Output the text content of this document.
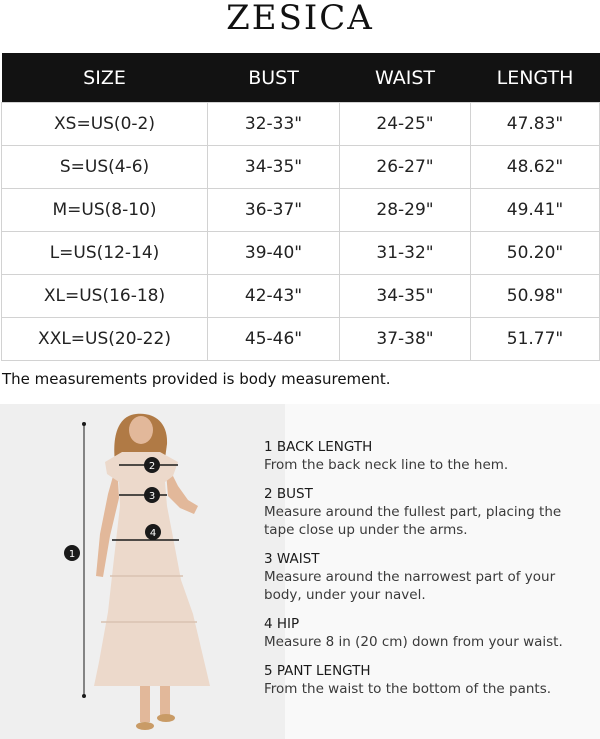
ZESICA
SIZE	BUST	WAIST	LENGTH
XS=US(0-2)	32-33"	24-25"	47.83"
S=US(4-6)	34-35"	26-27"	48.62"
M=US(8-10)	36-37"	28-29"	49.41"
L=US(12-14)	39-40"	31-32"	50.20"
XL=US(16-18)	42-43"	34-35"	50.98"
XXL=US(20-22)	45-46"	37-38"	51.77"

The measurements provided is body measurement.

1
2
3
4
1 BACK LENGTH
From the back neck line to the hem.
2 BUST
Measure around the fullest part, placing the tape close up under the arms.
3 WAIST
Measure around the narrowest part of your body, under your navel.
4 HIP
Measure 8 in (20 cm) down from your waist.
5 PANT LENGTH
From the waist to the bottom of the pants.
